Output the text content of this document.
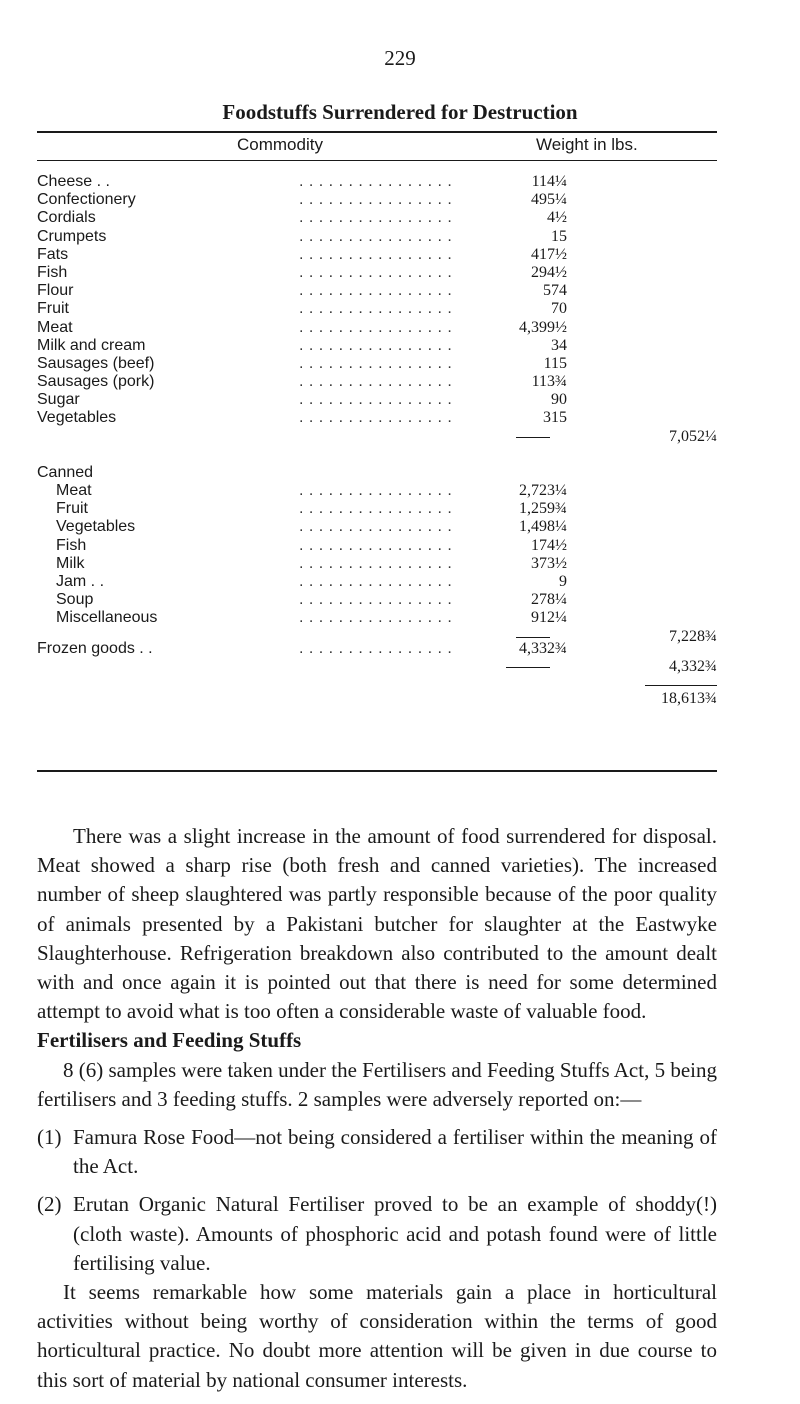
229
Foodstuffs Surrendered for Destruction
Commodity	Weight in lbs.
Cheese . .	. . . . . . . . . . . . . . . .	114¼
Confectionery	. . . . . . . . . . . . . . . .	495¼
Cordials	. . . . . . . . . . . . . . . .	4½
Crumpets	. . . . . . . . . . . . . . . .	15
Fats	. . . . . . . . . . . . . . . .	417½
Fish	. . . . . . . . . . . . . . . .	294½
Flour	. . . . . . . . . . . . . . . .	574
Fruit	. . . . . . . . . . . . . . . .	70
Meat	. . . . . . . . . . . . . . . .	4,399½
Milk and cream	. . . . . . . . . . . . . . . .	34
Sausages (beef)	. . . . . . . . . . . . . . . .	115
Sausages (pork)	. . . . . . . . . . . . . . . .	113¾
Sugar	. . . . . . . . . . . . . . . .	90
Vegetables	. . . . . . . . . . . . . . . .	315
7,052¼
Canned
Meat	. . . . . . . . . . . . . . . .	2,723¼
Fruit	. . . . . . . . . . . . . . . .	1,259¾
Vegetables	. . . . . . . . . . . . . . . .	1,498¼
Fish	. . . . . . . . . . . . . . . .	174½
Milk	. . . . . . . . . . . . . . . .	373½
Jam . .	. . . . . . . . . . . . . . . .	9
Soup	. . . . . . . . . . . . . . . .	278¼
Miscellaneous	. . . . . . . . . . . . . . . .	912¼
7,228¾
Frozen goods . .	. . . . . . . . . . . . . . . .	4,332¾
4,332¾
18,613¾

There was a slight increase in the amount of food surrendered for disposal. Meat showed a sharp rise (both fresh and canned varieties). The increased number of sheep slaughtered was partly responsible because of the poor quality of animals presented by a Pakistani butcher for slaughter at the Eastwyke Slaughterhouse. Refrigeration breakdown also contributed to the amount dealt with and once again it is pointed out that there is need for some determined attempt to avoid what is too often a considerable waste of valuable food.

Fertilisers and Feeding Stuffs

8 (6) samples were taken under the Fertilisers and Feeding Stuffs Act, 5 being fertilisers and 3 feeding stuffs. 2 samples were adversely reported on:—

(1) Famura Rose Food—not being considered a fertiliser within the meaning of the Act.
(2) Erutan Organic Natural Fertiliser proved to be an example of shoddy(!) (cloth waste). Amounts of phosphoric acid and potash found were of little fertilising value.

It seems remarkable how some materials gain a place in horticultural activities without being worthy of consideration within the terms of good horticultural practice. No doubt more attention will be given in due course to this sort of material by national consumer interests.
